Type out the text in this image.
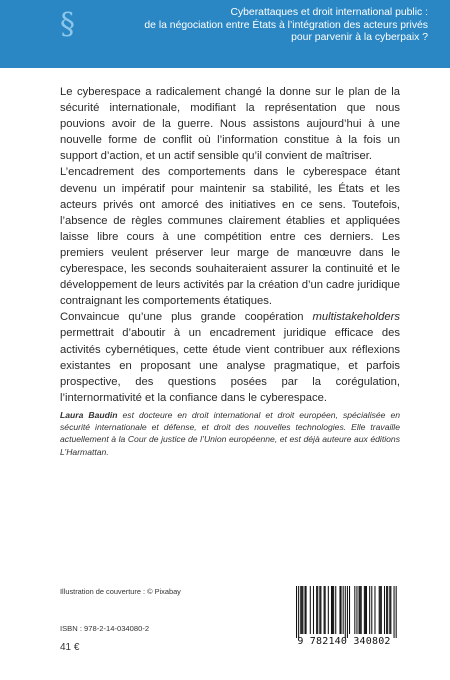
§	Cyberattaques et droit international public :
de la négociation entre États à l’intégration des acteurs privés
pour parvenir à la cyberpaix ?

Le cyberespace a radicalement changé la donne sur le plan de la sécurité internationale, modifiant la représentation que nous pouvions avoir de la guerre. Nous assistons aujourd’hui à une nouvelle forme de conflit où l’information constitue à la fois un support d’action, et un actif sensible qu’il convient de maîtriser.

L’encadrement des comportements dans le cyberespace étant devenu un impératif pour maintenir sa stabilité, les États et les acteurs privés ont amorcé des initiatives en ce sens. Toutefois, l’absence de règles communes clairement établies et appliquées laisse libre cours à une compétition entre ces derniers. Les premiers veulent préserver leur marge de manœuvre dans le cyberespace, les seconds souhaiteraient assurer la continuité et le développement de leurs activités par la création d’un cadre juridique contraignant les comportements étatiques.

Convaincue qu’une plus grande coopération multistakeholders permettrait d’aboutir à un encadrement juridique efficace des activités cybernétiques, cette étude vient contribuer aux réflexions existantes en proposant une analyse pragmatique, et parfois prospective, des questions posées par la corégulation, l’internormativité et la confiance dans le cyberespace.

Laura Baudin est docteure en droit international et droit européen, spécialisée en sécurité internationale et défense, et droit des nouvelles technologies. Elle travaille actuellement à la Cour de justice de l’Union européenne, et est déjà auteure aux éditions L’Harmattan.
Illustration de couverture : © Pixabay
ISBN : 978-2-14-034080-2
41 €
9 782140 340802
